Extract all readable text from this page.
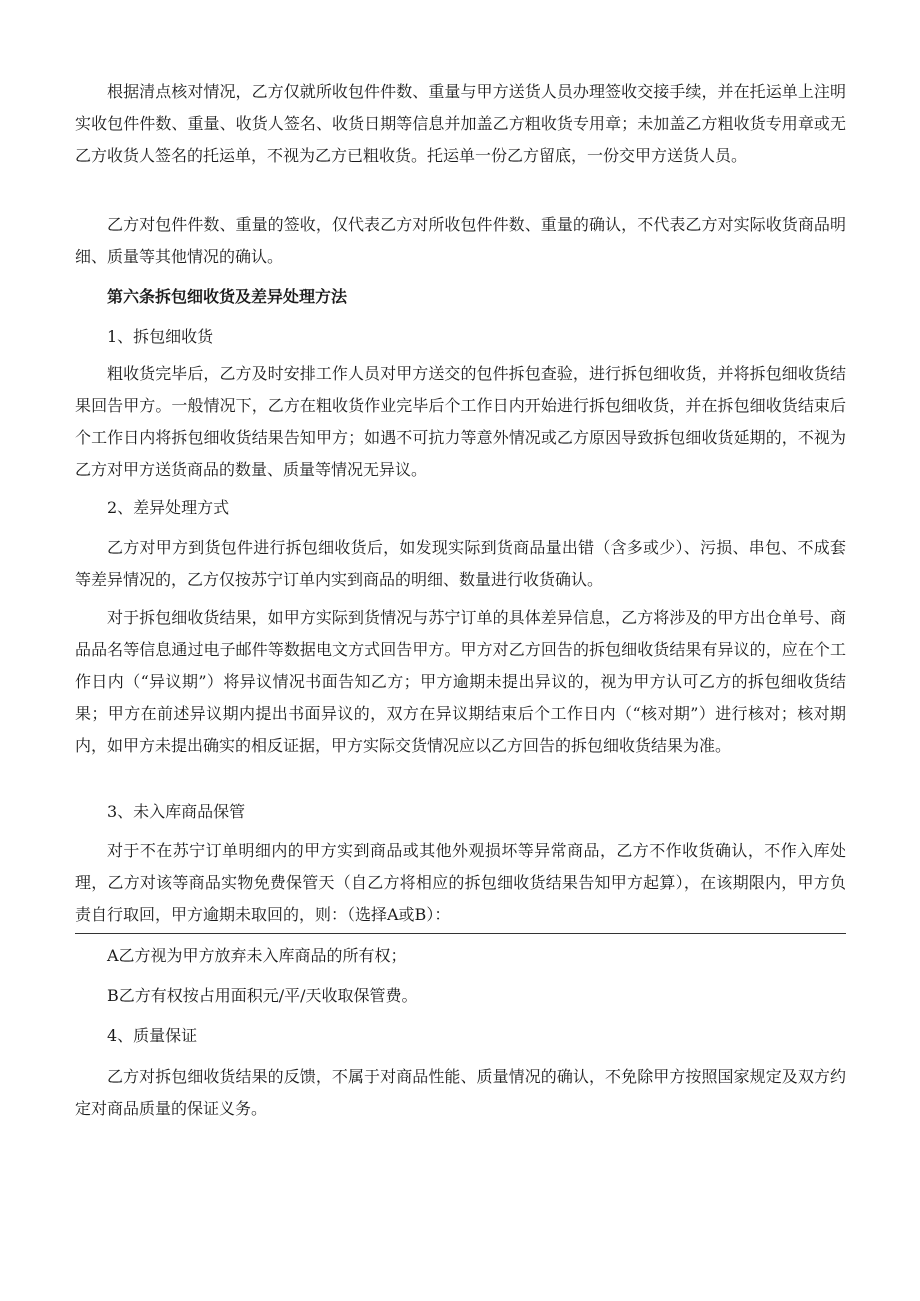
根据清点核对情况，乙方仅就所收包件件数、重量与甲方送货人员办理签收交接手续，并在托运单上注明实收包件件数、重量、收货人签名、收货日期等信息并加盖乙方粗收货专用章；未加盖乙方粗收货专用章或无乙方收货人签名的托运单，不视为乙方已粗收货。托运单一份乙方留底，一份交甲方送货人员。

乙方对包件件数、重量的签收，仅代表乙方对所收包件件数、重量的确认，不代表乙方对实际收货商品明细、质量等其他情况的确认。

第六条拆包细收货及差异处理方法

1、拆包细收货

粗收货完毕后，乙方及时安排工作人员对甲方送交的包件拆包查验，进行拆包细收货，并将拆包细收货结果回告甲方。一般情况下，乙方在粗收货作业完毕后个工作日内开始进行拆包细收货，并在拆包细收货结束后个工作日内将拆包细收货结果告知甲方；如遇不可抗力等意外情况或乙方原因导致拆包细收货延期的，不视为乙方对甲方送货商品的数量、质量等情况无异议。

2、差异处理方式

乙方对甲方到货包件进行拆包细收货后，如发现实际到货商品量出错（含多或少）、污损、串包、不成套等差异情况的，乙方仅按苏宁订单内实到商品的明细、数量进行收货确认。

对于拆包细收货结果，如甲方实际到货情况与苏宁订单的具体差异信息，乙方将涉及的甲方出仓单号、商品品名等信息通过电子邮件等数据电文方式回告甲方。甲方对乙方回告的拆包细收货结果有异议的，应在个工作日内（“异议期”）将异议情况书面告知乙方；甲方逾期未提出异议的，视为甲方认可乙方的拆包细收货结果；甲方在前述异议期内提出书面异议的，双方在异议期结束后个工作日内（“核对期”）进行核对；核对期内，如甲方未提出确实的相反证据，甲方实际交货情况应以乙方回告的拆包细收货结果为准。

3、未入库商品保管

对于不在苏宁订单明细内的甲方实到商品或其他外观损坏等异常商品，乙方不作收货确认，不作入库处理，乙方对该等商品实物免费保管天（自乙方将相应的拆包细收货结果告知甲方起算），在该期限内，甲方负责自行取回，甲方逾期未取回的，则：（选择A或B）：

A乙方视为甲方放弃未入库商品的所有权；

B乙方有权按占用面积元/平/天收取保管费。

4、质量保证

乙方对拆包细收货结果的反馈，不属于对商品性能、质量情况的确认，不免除甲方按照国家规定及双方约定对商品质量的保证义务。
